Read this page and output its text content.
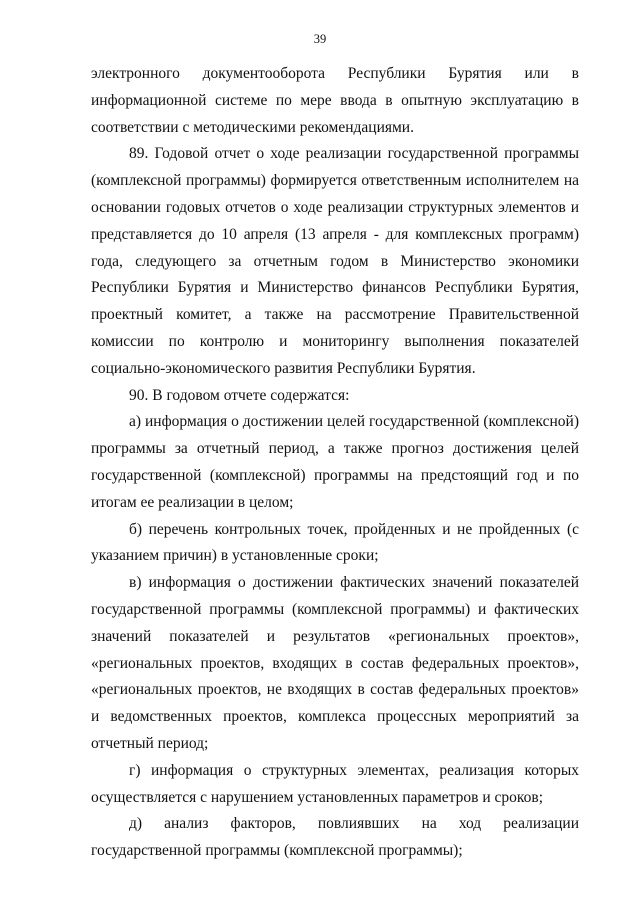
39

электронного документооборота Республики Бурятия или в информационной системе по мере ввода в опытную эксплуатацию в соответствии с методическими рекомендациями.

89. Годовой отчет о ходе реализации государственной программы (комплексной программы) формируется ответственным исполнителем на основании годовых отчетов о ходе реализации структурных элементов и представляется до 10 апреля (13 апреля - для комплексных программ) года, следующего за отчетным годом в Министерство экономики Республики Бурятия и Министерство финансов Республики Бурятия, проектный комитет, а также на рассмотрение Правительственной комиссии по контролю и мониторингу выполнения показателей социально-экономического развития Республики Бурятия.

90. В годовом отчете содержатся:

а) информация о достижении целей государственной (комплексной) программы за отчетный период, а также прогноз достижения целей государственной (комплексной) программы на предстоящий год и по итогам ее реализации в целом;

б) перечень контрольных точек, пройденных и не пройденных (с указанием причин) в установленные сроки;

в) информация о достижении фактических значений показателей государственной программы (комплексной программы) и фактических значений показателей и результатов «региональных проектов», «региональных проектов, входящих в состав федеральных проектов», «региональных проектов, не входящих в состав федеральных проектов» и ведомственных проектов, комплекса процессных мероприятий за отчетный период;

г) информация о структурных элементах, реализация которых осуществляется с нарушением установленных параметров и сроков;

д) анализ факторов, повлиявших на ход реализации государственной программы (комплексной программы);
